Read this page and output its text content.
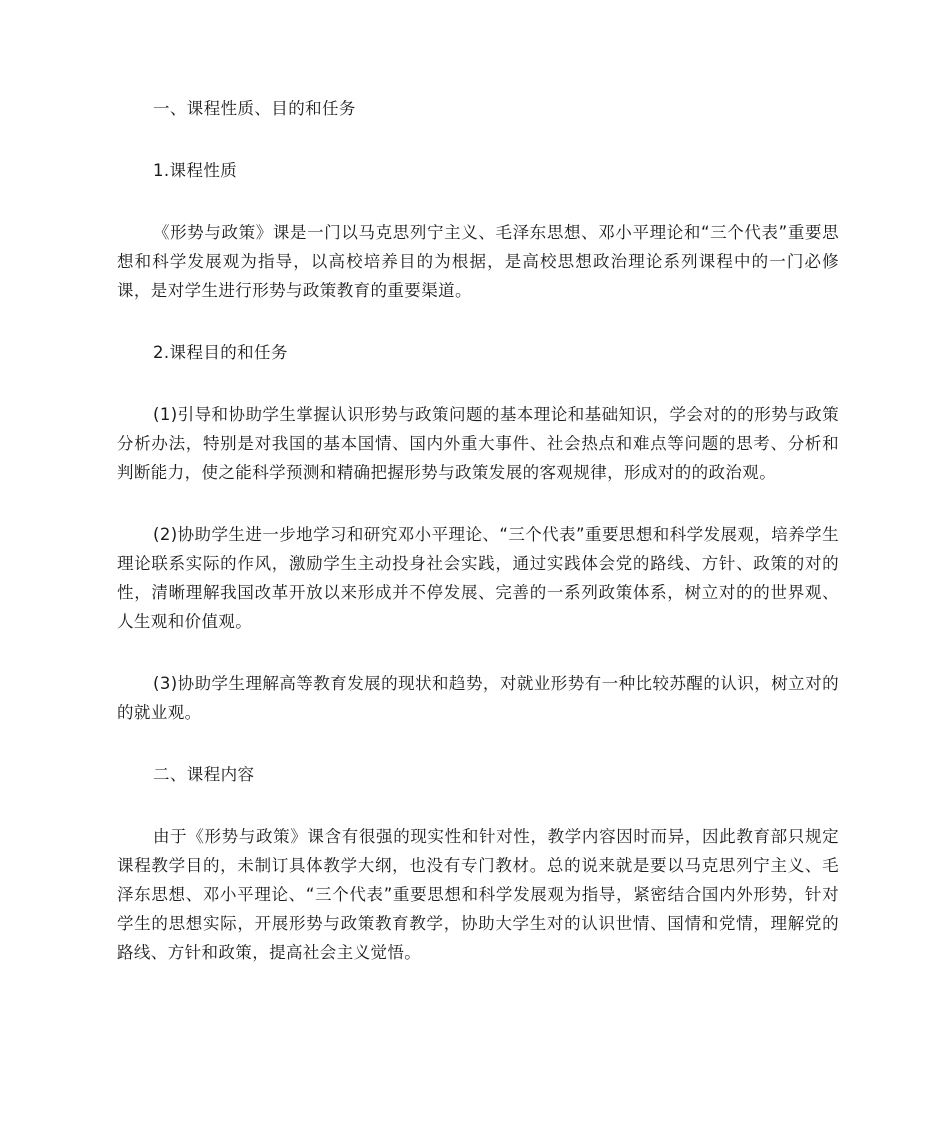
一、课程性质、目的和任务

1.课程性质

《形势与政策》课是一门以马克思列宁主义、毛泽东思想、邓小平理论和“三个代表”重要思想和科学发展观为指导，以高校培养目的为根据，是高校思想政治理论系列课程中的一门必修课，是对学生进行形势与政策教育的重要渠道。

2.课程目的和任务

(1)引导和协助学生掌握认识形势与政策问题的基本理论和基础知识，学会对的的形势与政策分析办法，特别是对我国的基本国情、国内外重大事件、社会热点和难点等问题的思考、分析和判断能力，使之能科学预测和精确把握形势与政策发展的客观规律，形成对的的政治观。

(2)协助学生进一步地学习和研究邓小平理论、“三个代表”重要思想和科学发展观，培养学生理论联系实际的作风，激励学生主动投身社会实践，通过实践体会党的路线、方针、政策的对的性，清晰理解我国改革开放以来形成并不停发展、完善的一系列政策体系，树立对的的世界观、人生观和价值观。

(3)协助学生理解高等教育发展的现状和趋势，对就业形势有一种比较苏醒的认识，树立对的的就业观。

二、课程内容

由于《形势与政策》课含有很强的现实性和针对性，教学内容因时而异，因此教育部只规定课程教学目的，未制订具体教学大纲，也没有专门教材。总的说来就是要以马克思列宁主义、毛泽东思想、邓小平理论、“三个代表”重要思想和科学发展观为指导，紧密结合国内外形势，针对学生的思想实际，开展形势与政策教育教学，协助大学生对的认识世情、国情和党情，理解党的路线、方针和政策，提高社会主义觉悟。
